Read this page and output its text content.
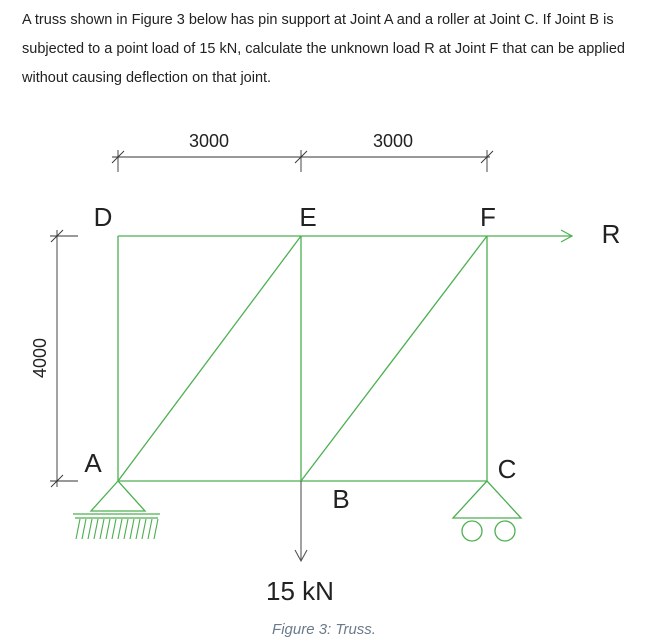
A truss shown in Figure 3 below has pin support at Joint A and a roller at Joint C. If Joint B is subjected to a point load of 15 kN, calculate the unknown load R at Joint F that can be applied without causing deflection on that joint.

3000	3000
4000
D	E	F
A
B
C
R
15 kN
Figure 3: Truss.
